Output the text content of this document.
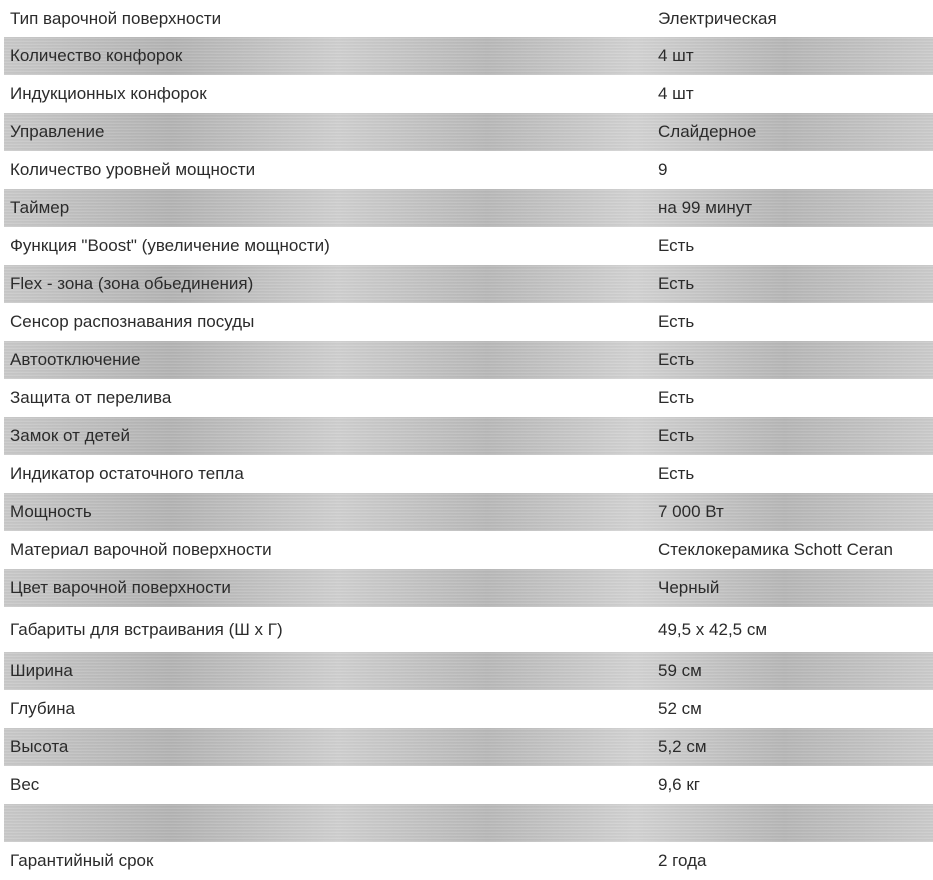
Тип варочной поверхности	Электрическая
Количество конфорок	4 шт
Индукционных конфорок	4 шт
Управление	Слайдерное
Количество уровней мощности	9
Таймер	на 99 минут
Функция "Boost" (увеличение мощности)	Есть
Flex - зона (зона обьединения)	Есть
Сенсор распознавания посуды	Есть
Автоотключение	Есть
Защита от перелива	Есть
Замок от детей	Есть
Индикатор остаточного тепла	Есть
Мощность	7 000 Вт
Материал варочной поверхности	Стеклокерамика Schott Ceran
Цвет варочной поверхности	Черный
Габариты для встраивания (Ш х Г)	49,5 х 42,5 см
Ширина	59 см
Глубина	52 см
Высота	5,2 см
Вес	9,6 кг
Гарантийный срок	2 года
